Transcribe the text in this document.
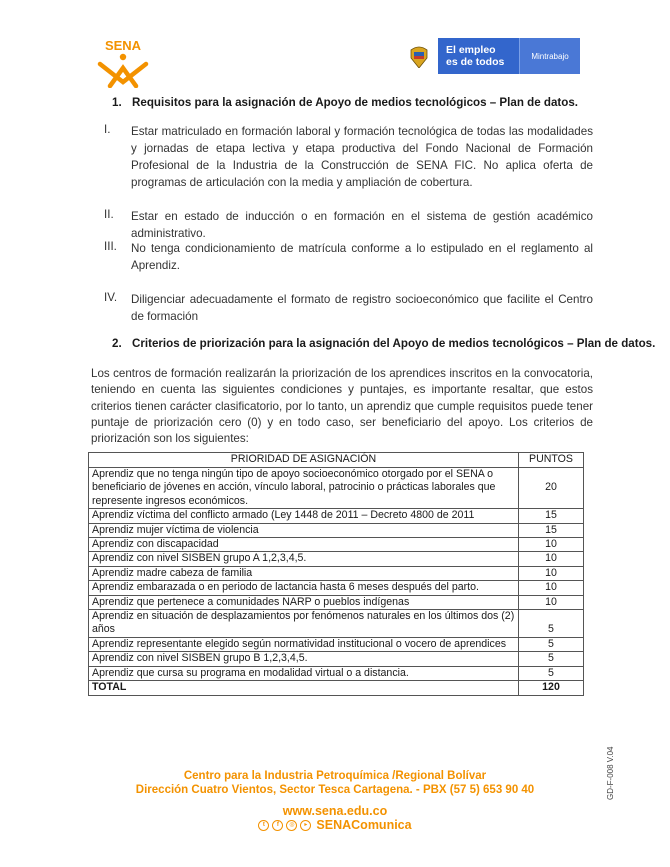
SENA	El empleo
es de todos	Mintrabajo
1. Requisitos para la asignación de Apoyo de medios tecnológicos – Plan de datos.
I.	Estar matriculado en formación laboral y formación tecnológica de todas las modalidades y jornadas de etapa lectiva y etapa productiva del Fondo Nacional de Formación Profesional de la Industria de la Construcción de SENA FIC. No aplica oferta de programas de articulación con la media y ampliación de cobertura.
II.	Estar en estado de inducción o en formación en el sistema de gestión académico administrativo.
III. No tenga condicionamiento de matrícula conforme a lo estipulado en el reglamento al Aprendiz.
IV. Diligenciar adecuadamente el formato de registro socioeconómico que facilite el Centro de formación
2. Criterios de priorización para la asignación del Apoyo de medios tecnológicos – Plan de datos.
Los centros de formación realizarán la priorización de los aprendices inscritos en la convocatoria, teniendo en cuenta las siguientes condiciones y puntajes, es importante resaltar, que estos criterios tienen carácter clasificatorio, por lo tanto, un aprendiz que cumple requisitos puede tener puntaje de priorización cero (0) y en todo caso, ser beneficiario del apoyo. Los criterios de priorización son los siguientes:
PRIORIDAD DE ASIGNACIÓN	PUNTOS
Aprendiz que no tenga ningún tipo de apoyo socioeconómico otorgado por el SENA o beneficiario de jóvenes en acción, vínculo laboral, patrocinio o prácticas laborales que represente ingresos económicos.	20
Aprendiz víctima del conflicto armado (Ley 1448 de 2011 – Decreto 4800 de 2011	15
Aprendiz mujer víctima de violencia	15
Aprendiz con discapacidad	10
Aprendiz con nivel SISBEN grupo A 1,2,3,4,5.	10
Aprendiz madre cabeza de familia	10
Aprendiz embarazada o en periodo de lactancia hasta 6 meses después del parto.	10
Aprendiz que pertenece a comunidades NARP o pueblos indígenas	10
Aprendiz en situación de desplazamientos por fenómenos naturales en los últimos dos (2) años	5
Aprendiz representante elegido según normatividad institucional o vocero de aprendices	5
Aprendiz con nivel SISBEN grupo B 1,2,3,4,5.	5
Aprendiz que cursa su programa en modalidad virtual o a distancia.	5
TOTAL	120
Centro para la Industria Petroquímica /Regional Bolívar
Dirección Cuatro Vientos, Sector Tesca Cartagena. - PBX (57 5) 653 90 40
www.sena.edu.co
t	f	◎	▸ SENAComunica
GD-F-008 V.04
